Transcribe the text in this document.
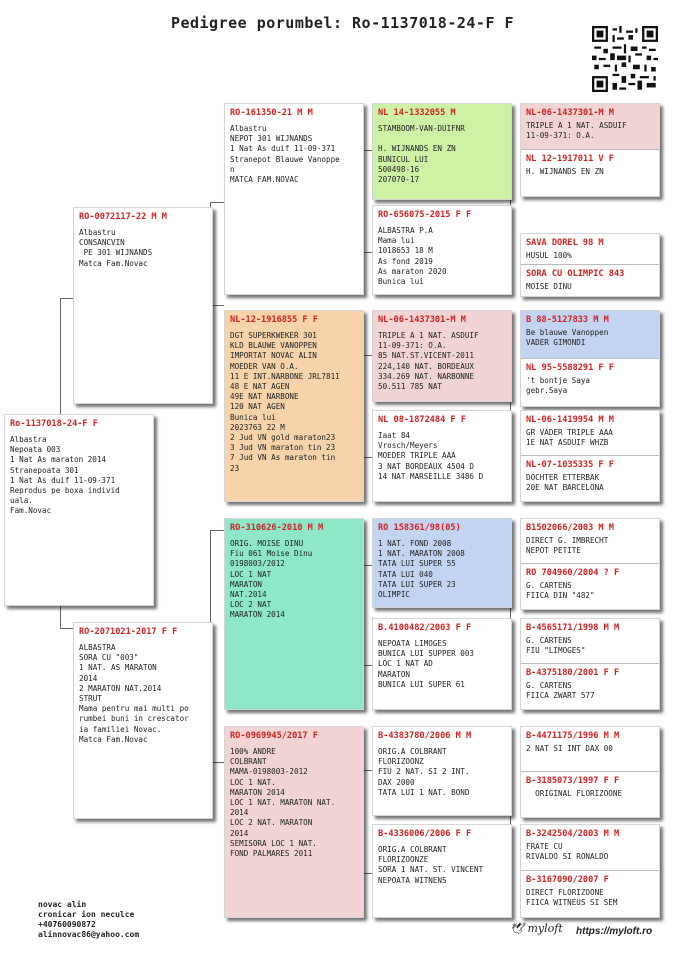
Pedigree porumbel: Ro-1137018-24-F F
Ro-1137018-24-F F
Albastra
Nepoata 003
1 Nat As maraton 2014
Stranepoata 301
1 Nat As duif 11-09-371
Reprodus pe boxa individ
uala.
Fam.Novac
RO-0072117-22 M M
Albastru
CONSANCVIN
PE 301 WIJNANDS
Matca Fam.Novac
RO-2071021-2017 F F
ALBASTRA
SORA CU "003"
1 NAT. AS MARATON
2014
2 MARATON NAT.2014
STRUT
Mama pentru mai multi po
rumbei buni in crescator
ia familiei Novac.
Matca Fam.Novac
RO-161350-21 M M
Albastru
NEPOT 301 WIJNANDS
1 Nat As duif 11-09-371
Stranepot Blauwe Vanoppe
n
MATCA FAM.NOVAC
NL-12-1916855 F F
DGT SUPERKWEKER 301
KLD BLAUWE VANOPPEN
IMPORTAT NOVAC ALIN
MOEDER VAN O.A.
11 E INT.NARBONE JRL7811
48 E NAT AGEN
49E NAT NARBONE
120 NAT AGEN
Bunica lui
2023763 22 M
2 Jud VN gold maraton23
3 Jud VN maraton tin 23
7 Jud VN As maraton tin
23
RO-310626-2010 M M
ORIG. MOISE DINU
Fiu 061 Moise Dinu
0198003/2012
LOC 1 NAT
MARATON
NAT.2014
LOC 2 NAT
MARATON 2014
RO-0969945/2017 F
100% ANDRE
COLBRANT
MAMA-0198003-2012
LOC 1 NAT.
MARATON 2014
LOC 1 NAT. MARATON NAT.
2014
LOC 2 NAT. MARATON
2014
SEMISORA LOC 1 NAT.
FOND PALMARES 2011
NL 14-1332055 M
STAMBOOM-VAN-DUIFNR

H. WIJNANDS EN ZN
BUNICUL LUI
500498-16
207070-17
RO-656075-2015 F F
ALBASTRA P.A
Mama lui
1018653 18 M
As fond 2019
As maraton 2020
Bunica lui
NL-06-1437301-M M
TRIPLE A 1 NAT. ASDUIF
11-09-371: O.A.
85 NAT.ST.VICENT-2011
224,140 NAT. BORDEAUX
334.269 NAT. NARBONNE
50.511 785 NAT
NL 08-1872484 F F
Iaat 84
Vrosch/Meyers
MOEDER TRIPLE AAA
3 NAT BORDEAUX 4504 D
14 NAT MARSEILLE 3486 D
RO 158361/98(05)
1 NAT. FOND 2008
1 NAT. MARATON 2008
TATA LUI SUPER 55
TATA LUI 040
TATA LUI SUPER 23
OLIMPIC
B.4100482/2003 F F
NEPOATA LIMOGES
BUNICA LUI SUPPER 003
LOC 1 NAT AD
MARATON
BUNICA LUI SUPER 61
B-4383780/2006 M M
ORIG.A COLBRANT
FLORIZOONZ
FIU 2 NAT. SI 2 INT.
DAX 2000
TATA LUI 1 NAT. BOND
B-4336006/2006 F F
ORIG.A COLBRANT
FLORIZOONZE
SORA 1 NAT. ST. VINCENT
NEPOATA WITNENS
NL-06-1437301-M M
TRIPLE A 1 NAT. ASDUIF
11-09-371: O.A.
NL 12-1917011 V F
H. WIJNANDS EN ZN
SAVA DOREL 98 M
HUSUL 100%
SORA CU OLIMPIC 843
MOISE DINU
B 88-5127833 M M
Be blauwe Vanoppen
VADER GIMONDI
NL 95-5588291 F F
't bontje Saya
gebr.Saya
NL-06-1419954 M M
GR VADER TRIPLE AAA
1E NAT ASDUIF WHZB
NL-07-1035335 F F
DOCHTER ETTERBAK
20E NAT BARCELONA
B1502066/2003 M M
DIRECT G. IMBRECHT
NEPOT PETITE
RO 704960/2004 ? F
G. CARTENS
FIICA DIN "482"
B-4565171/1998 M M
G. CARTENS
FIU "LIMOGES"
B-4375180/2001 F F
G. CARTENS
FIICA ZWART 577
B-4471175/1996 M M
2 NAT SI INT DAX 00
B-3185073/1997 F F
ORIGINAL FLORIZOONE
B-3242504/2003 M M
FRATE CU
RIVALDO SI RONALDO
B-3167090/2007 F
DIRECT FLORIZOONE
FIICA WITNEUS SI SEM
novac alin
cronicar ion neculce
+40760090872
alinnovac86@yahoo.com	🕊 myloft https://myloft.ro
